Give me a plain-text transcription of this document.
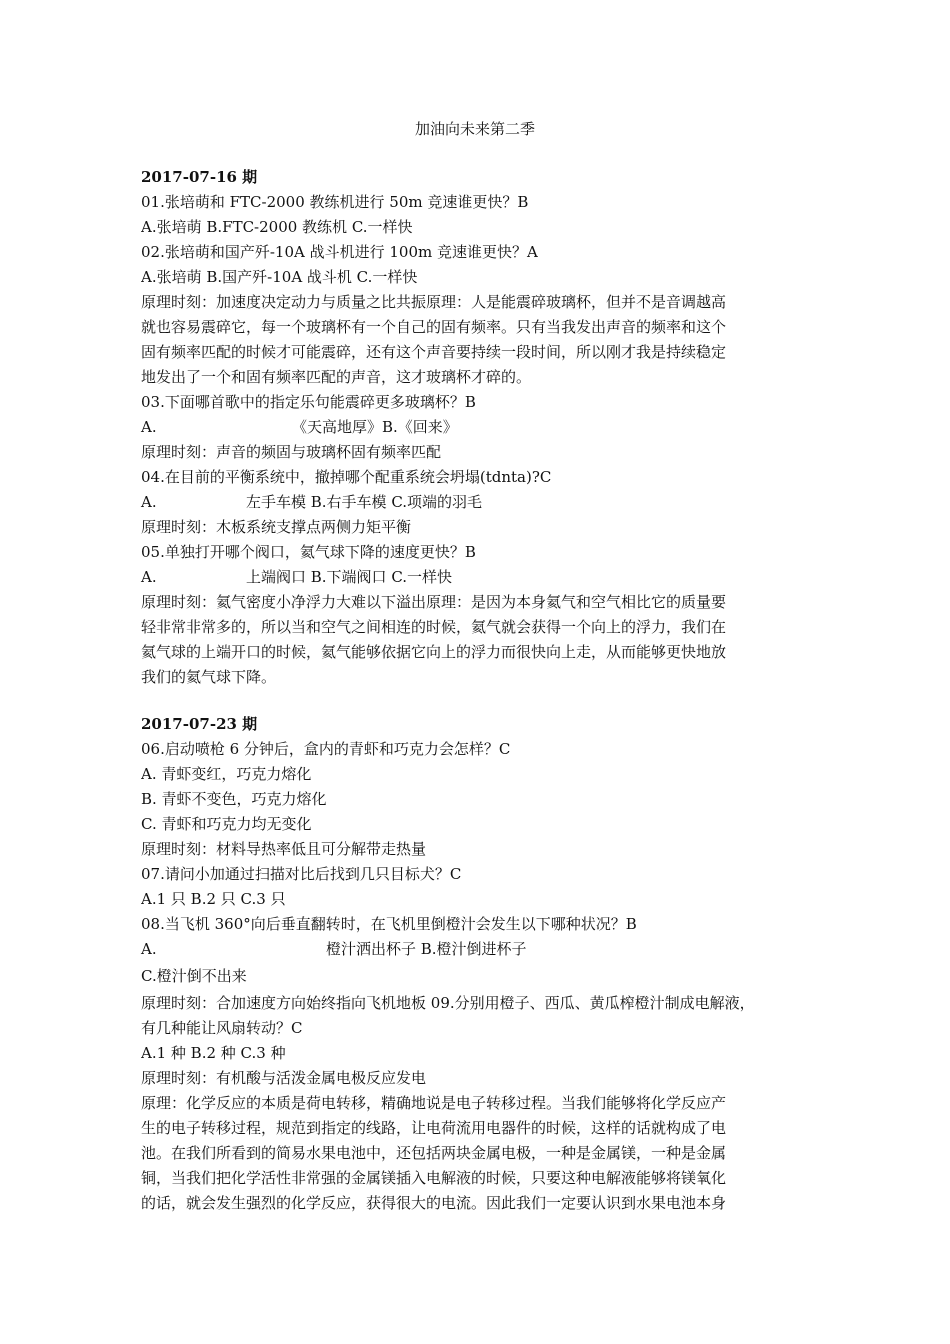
加油向未来第二季
2017-07-16 期
01.张培萌和 FTC-2000 教练机进行 50m 竞速谁更快？B
A.张培萌 B.FTC-2000 教练机 C.一样快
02.张培萌和国产歼-10A 战斗机进行 100m 竞速谁更快？A
A.张培萌 B.国产歼-10A 战斗机 C.一样快
原理时刻：加速度决定动力与质量之比共振原理：人是能震碎玻璃杯，但并不是音调越高
就也容易震碎它，每一个玻璃杯有一个自己的固有频率。只有当我发出声音的频率和这个
固有频率匹配的时候才可能震碎，还有这个声音要持续一段时间，所以刚才我是持续稳定
地发出了一个和固有频率匹配的声音，这才玻璃杯才碎的。
03.下面哪首歌中的指定乐句能震碎更多玻璃杯？B
A.	《天高地厚》B.《回来》
原理时刻：声音的频固与玻璃杯固有频率匹配
04.在目前的平衡系统中，撤掉哪个配重系统会坍塌(tdnta)?C
A.	左手车模 B.右手车模 C.项端的羽毛
原理时刻：木板系统支撑点两侧力矩平衡
05.单独打开哪个阀口，氦气球下降的速度更快？B
A.	上端阀口 B.下端阀口 C.一样快
原理时刻：氦气密度小净浮力大难以下溢出原理：是因为本身氦气和空气相比它的质量要
轻非常非常多的，所以当和空气之间相连的时候，氦气就会获得一个向上的浮力，我们在
氦气球的上端开口的时候，氦气能够依据它向上的浮力而很快向上走，从而能够更快地放
我们的氦气球下降。
2017-07-23 期
06.启动喷枪 6 分钟后，盒内的青虾和巧克力会怎样？C
A. 青虾变红，巧克力熔化
B. 青虾不变色，巧克力熔化
C. 青虾和巧克力均无变化
原理时刻：材料导热率低且可分解带走热量
07.请问小加通过扫描对比后找到几只目标犬？C
A.1 只 B.2 只 C.3 只
08.当飞机 360°向后垂直翻转时，在飞机里倒橙汁会发生以下哪种状况？B
A.	橙汁洒出杯子 B.橙汁倒进杯子
C.橙汁倒不出来
原理时刻：合加速度方向始终指向飞机地板 09.分别用橙子、西瓜、黄瓜榨橙汁制成电解液，
有几种能让风扇转动？C
A.1 种 B.2 种 C.3 种
原理时刻：有机酸与活泼金属电极反应发电
原理：化学反应的本质是荷电转移，精确地说是电子转移过程。当我们能够将化学反应产
生的电子转移过程，规范到指定的线路，让电荷流用电器件的时候，这样的话就构成了电
池。在我们所看到的简易水果电池中，还包括两块金属电极，一种是金属镁，一种是金属
铜，当我们把化学活性非常强的金属镁插入电解液的时候，只要这种电解液能够将镁氧化
的话，就会发生强烈的化学反应，获得很大的电流。因此我们一定要认识到水果电池本身
